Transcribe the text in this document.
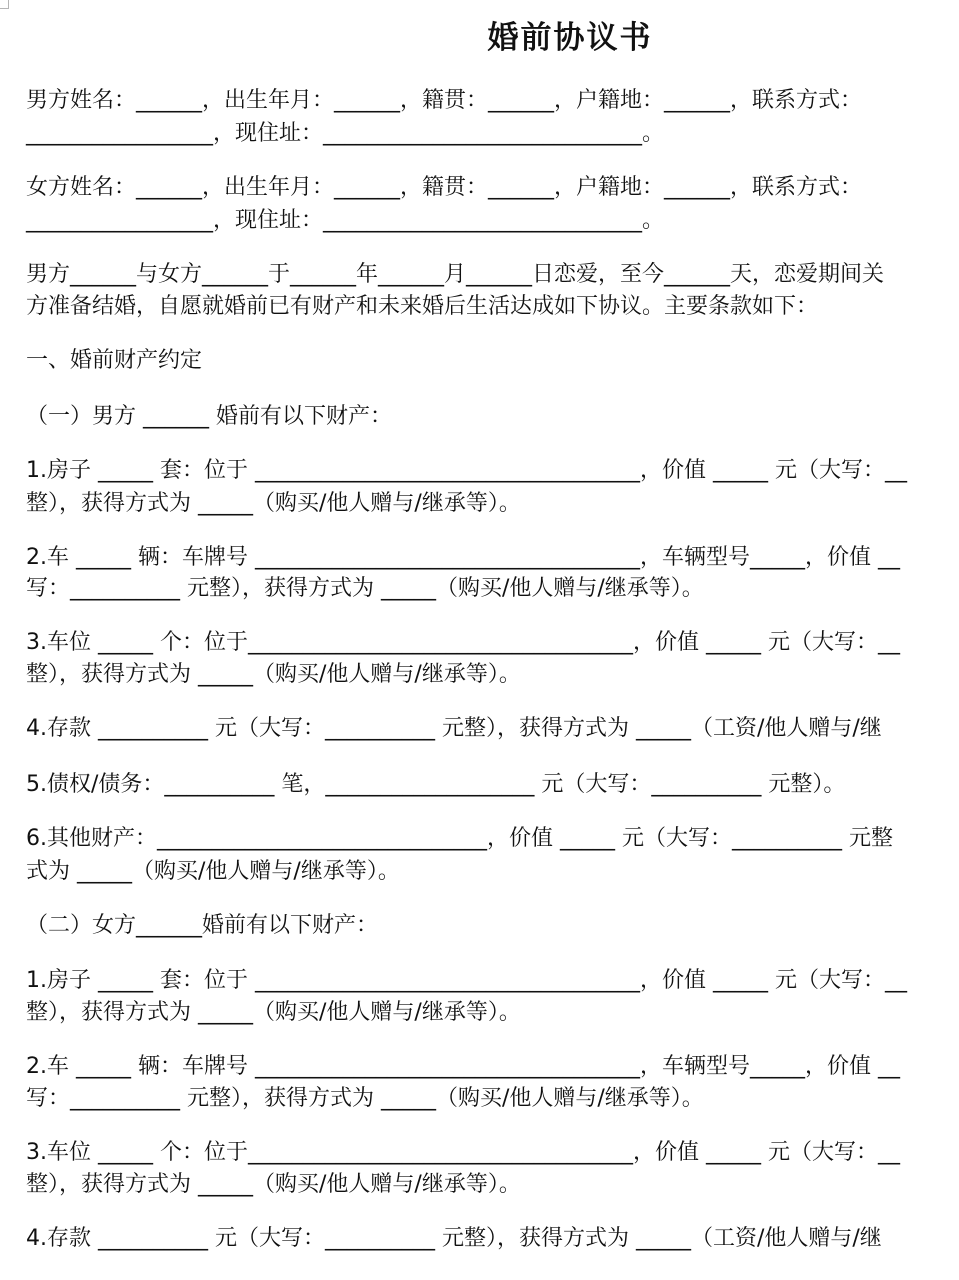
婚前协议书
男方姓名：______，出生年月：______，籍贯：______，户籍地：______，联系方式：
_________________，现住址：_____________________________。
女方姓名：______，出生年月：______，籍贯：______，户籍地：______，联系方式：
_________________，现住址：_____________________________。
男方______与女方______于______年______月______日恋爱，至今______天，恋爱期间关
方准备结婚，自愿就婚前已有财产和未来婚后生活达成如下协议。主要条款如下：
一、婚前财产约定
（一）男方 ______ 婚前有以下财产：
1.房子 _____ 套：位于 ___________________________________，价值 _____ 元（大写：__
整），获得方式为 _____（购买/他人赠与/继承等）。
2.车 _____ 辆：车牌号 ___________________________________，车辆型号_____，价值 __
写：__________ 元整），获得方式为 _____（购买/他人赠与/继承等）。
3.车位 _____ 个：位于___________________________________，价值 _____ 元（大写：__
整），获得方式为 _____（购买/他人赠与/继承等）。
4.存款 __________ 元（大写：__________ 元整），获得方式为 _____（工资/他人赠与/继
5.债权/债务：__________ 笔，___________________ 元（大写：__________ 元整）。
6.其他财产：______________________________，价值 _____ 元（大写：__________ 元整
式为 _____（购买/他人赠与/继承等）。
（二）女方______婚前有以下财产：
1.房子 _____ 套：位于 ___________________________________，价值 _____ 元（大写：__
整），获得方式为 _____（购买/他人赠与/继承等）。
2.车 _____ 辆：车牌号 ___________________________________，车辆型号_____，价值 __
写：__________ 元整），获得方式为 _____（购买/他人赠与/继承等）。
3.车位 _____ 个：位于___________________________________，价值 _____ 元（大写：__
整），获得方式为 _____（购买/他人赠与/继承等）。
4.存款 __________ 元（大写：__________ 元整），获得方式为 _____（工资/他人赠与/继
